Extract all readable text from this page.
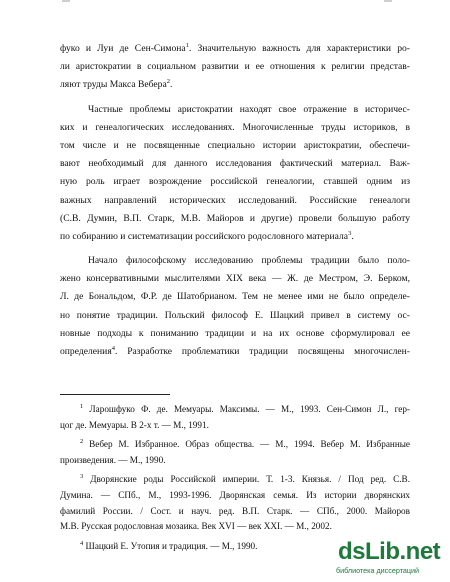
фуко и Луи де Сен-Симона$^1$. Значительную важность для характеристики ро-
ли аристократии в социальном развитии и ее отношения к религии представ-
ляют труды Макса Вебера$^2$.
Частные проблемы аристократии находят свое отражение в историчес-
ких и генеалогических исследованиях. Многочисленные труды историков, в
том числе и не посвященные специально истории аристократии, обеспечи-
вают необходимый для данного исследования фактический материал. Важ-
ную роль играет возрождение российской генеалогии, ставшей одним из
важных направлений исторических исследований. Российские генеалоги
(С.В. Думин, В.П. Старк, М.В. Майоров и другие) провели большую работу
по собиранию и систематизации российского родословного материала$^3$.
Начало философскому исследованию проблемы традиции было поло-
жено консервативными мыслителями XIX века — Ж. де Местром, Э. Берком,
Л. де Бональдом, Ф.Р. де Шатобрианом. Тем не менее ими не было определе-
но понятие традиции. Польский философ Е. Шацкий привел в систему ос-
новные подходы к пониманию традиции и на их основе сформулировал ее
определения$^4$. Разработке проблематики традиции посвящены многочислен-
$^1$ Ларошфуко Ф. де. Мемуары. Максимы. — М., 1993. Сен-Симон Л., гер-
цог де. Мемуары. В 2-х т. — М., 1991.
$^2$ Вебер М. Избранное. Образ общества. — М., 1994. Вебер М. Избранные
произведения. — М., 1990.
$^3$ Дворянские роды Российской империи. Т. 1-3. Князья. / Под ред. С.В.
Думина. — СПб., М., 1993-1996. Дворянская семья. Из истории дворянских
фамилий России. / Сост. и науч. ред. В.П. Старк. — СПб., 2000. Майоров
М.В. Русская родословная мозаика. Век XVI — век XXI. — М., 2002.
$^4$ Шацкий Е. Утопия и традиция. — М., 1990.	dsLib.net
библиотека диссертаций
